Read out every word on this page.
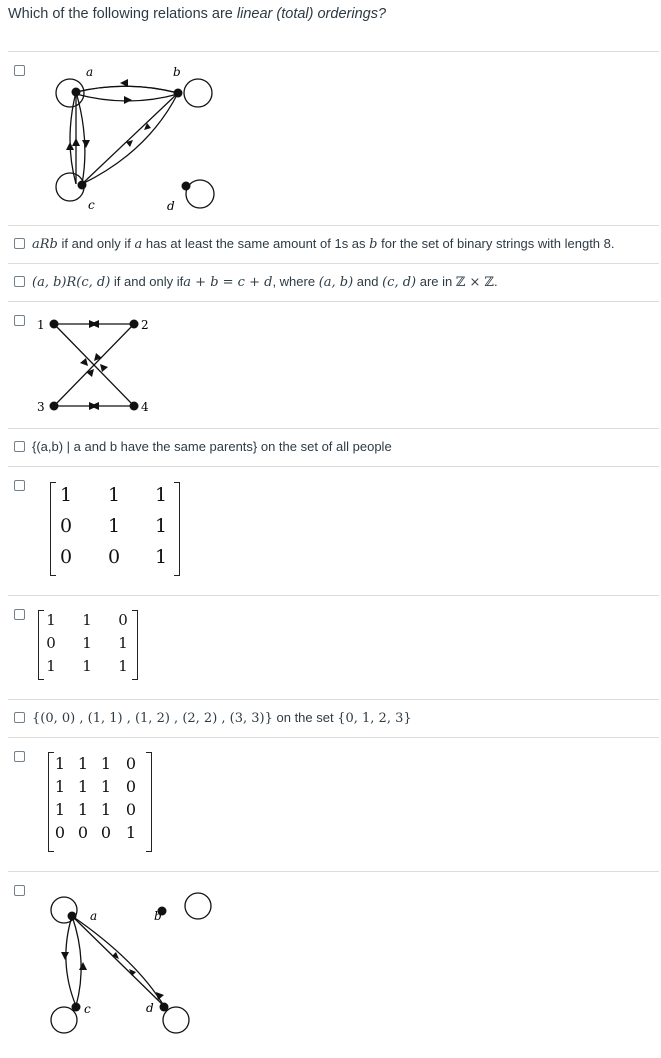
Which of the following relations are linear (total) orderings?
a	b
c	d
aRb if and only if a has at least the same amount of 1s as b for the set of binary strings with length 8.
(a, b)R(c, d) if and only ifa + b = c + d, where (a, b) and (c, d) are in ℤ × ℤ.
1	2
3	4
{(a,b) | a and b have the same parents} on the set of all people
1	1	1
0	1	1
0	0	1
1	1	0
0	1	1
1	1	1
{(0, 0) , (1, 1) , (1, 2) , (2, 2) , (3, 3)} on the set {0, 1, 2, 3}
1 1 1 0
1 1 1 0
1 1 1 0
0 0 0 1
a	b
c	d
